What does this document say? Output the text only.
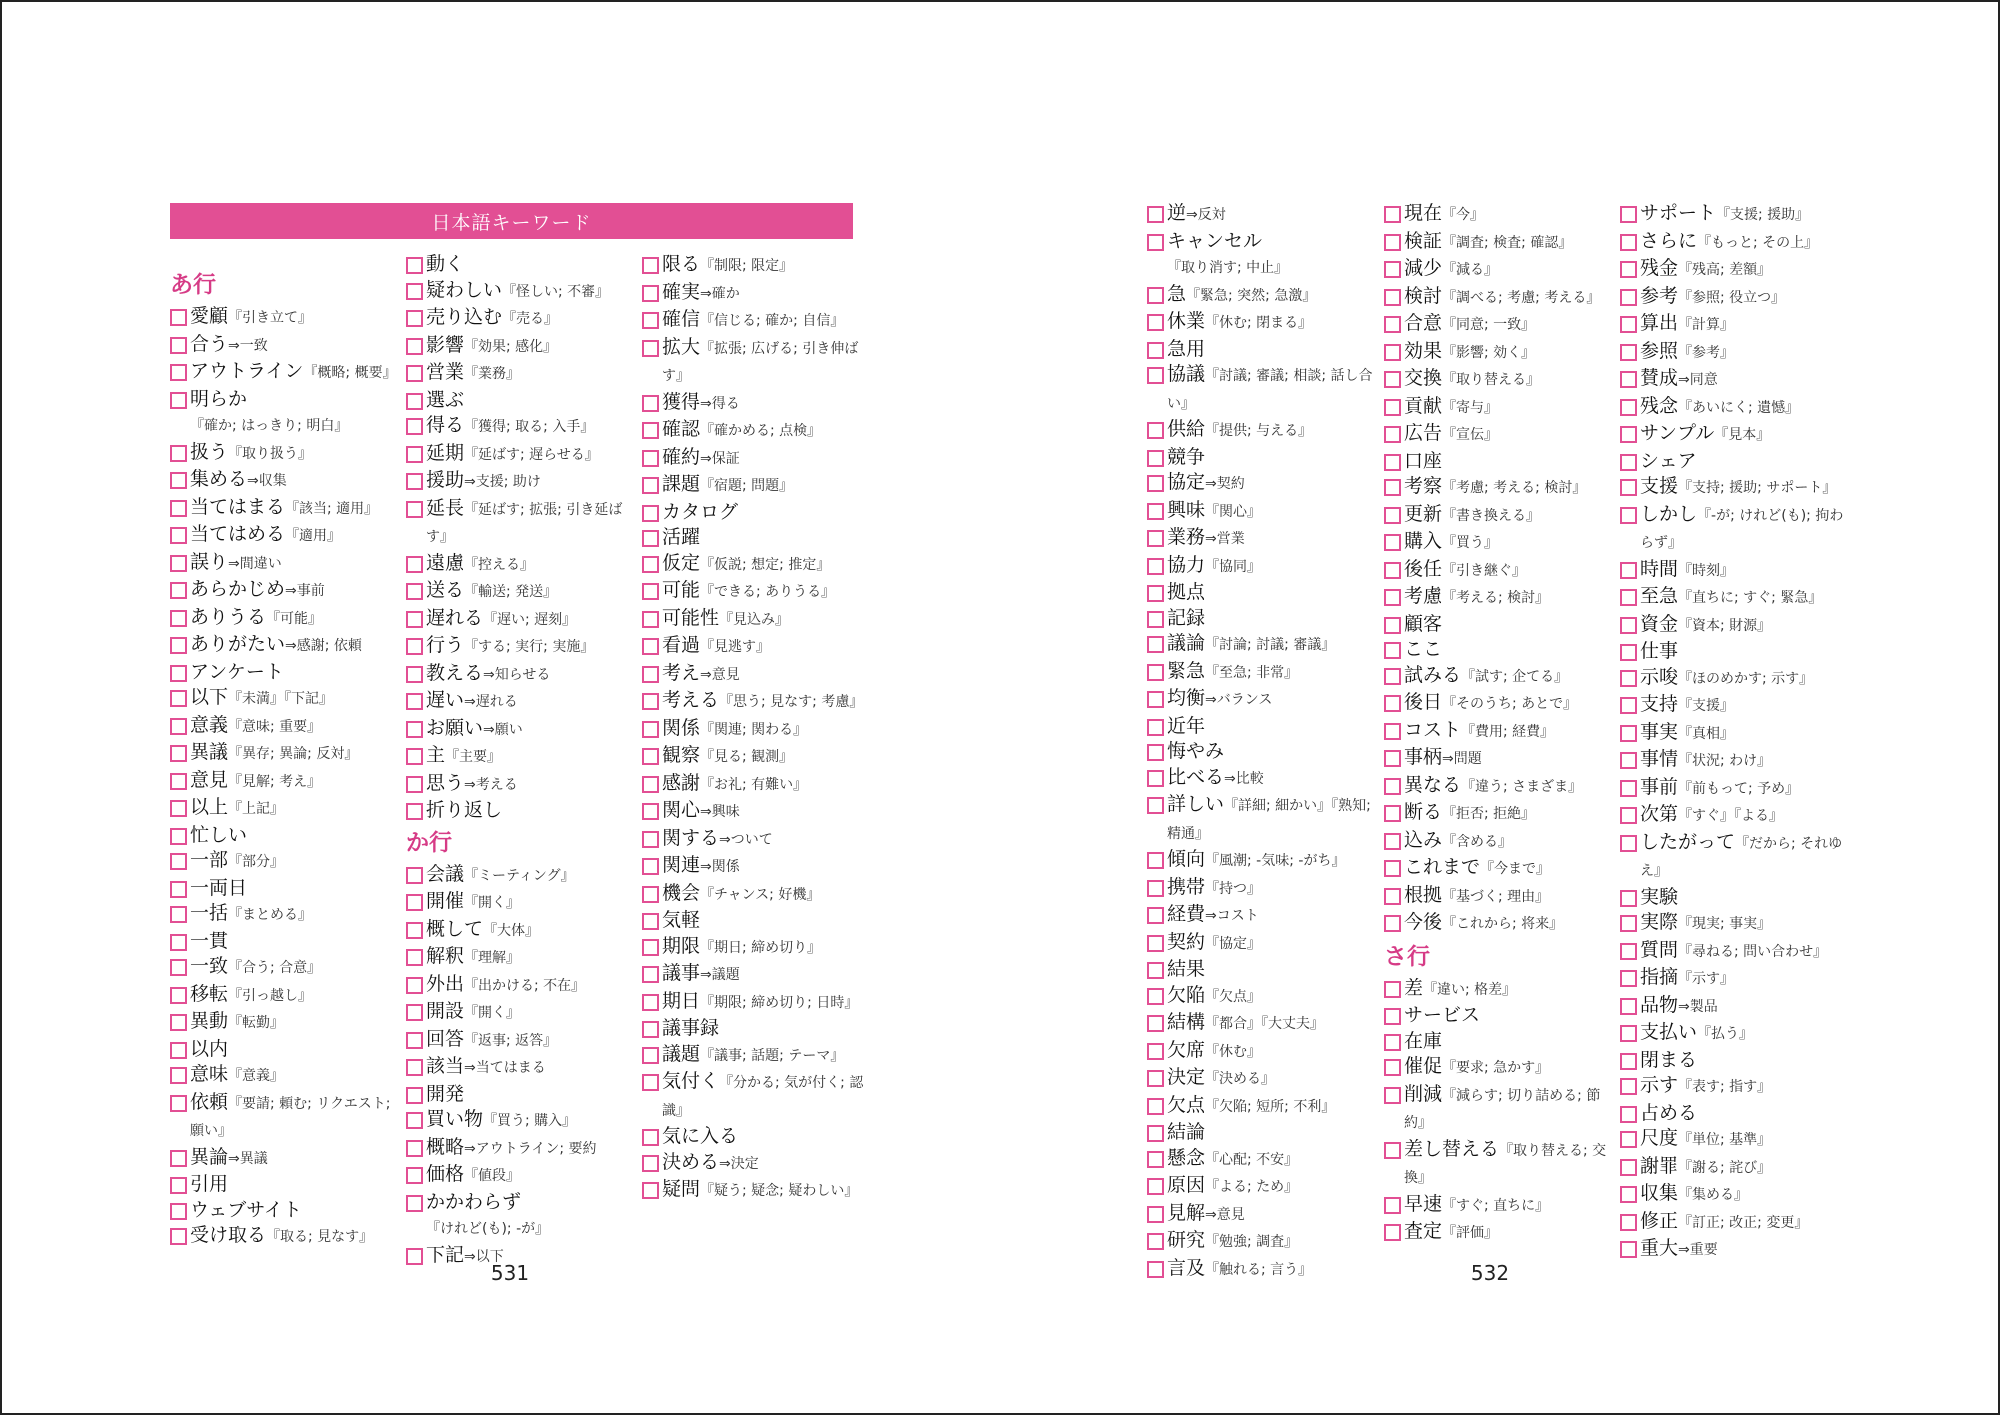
日本語キーワード
あ行
愛顧『引き立て』
合う⇒一致
アウトライン『概略; 概要』
明らか『確か; はっきり; 明白』
扱う『取り扱う』
集める⇒収集
当てはまる『該当; 適用』
当てはめる『適用』
誤り⇒間違い
あらかじめ⇒事前
ありうる『可能』
ありがたい⇒感謝; 依頼
アンケート
以下『未満』『下記』
意義『意味; 重要』
異議『異存; 異論; 反対』
意見『見解; 考え』
以上『上記』
忙しい
一部『部分』
一両日
一括『まとめる』
一貫
一致『合う; 合意』
移転『引っ越し』
異動『転勤』
以内
意味『意義』
依頼『要請; 頼む; リクエスト; 願い』
異論⇒異議
引用
ウェブサイト
受け取る『取る; 見なす』
動く
疑わしい『怪しい; 不審』
売り込む『売る』
影響『効果; 感化』
営業『業務』
選ぶ
得る『獲得; 取る; 入手』
延期『延ばす; 遅らせる』
援助⇒支援; 助け
延長『延ばす; 拡張; 引き延ばす』
遠慮『控える』
送る『輸送; 発送』
遅れる『遅い; 遅刻』
行う『する; 実行; 実施』
教える⇒知らせる
遅い⇒遅れる
お願い⇒願い
主『主要』
思う⇒考える
折り返し
か行
会議『ミーティング』
開催『開く』
概して『大体』
解釈『理解』
外出『出かける; 不在』
開設『開く』
回答『返事; 返答』
該当⇒当てはまる
開発
買い物『買う; 購入』
概略⇒アウトライン; 要約
価格『値段』
かかわらず『けれど(も); -が』
下記⇒以下
限る『制限; 限定』
確実⇒確か
確信『信じる; 確か; 自信』
拡大『拡張; 広げる; 引き伸ばす』
獲得⇒得る
確認『確かめる; 点検』
確約⇒保証
課題『宿題; 問題』
カタログ
活躍
仮定『仮説; 想定; 推定』
可能『できる; ありうる』
可能性『見込み』
看過『見逃す』
考え⇒意見
考える『思う; 見なす; 考慮』
関係『関連; 関わる』
観察『見る; 観測』
感謝『お礼; 有難い』
関心⇒興味
関する⇒ついて
関連⇒関係
機会『チャンス; 好機』
気軽
期限『期日; 締め切り』
議事⇒議題
期日『期限; 締め切り; 日時』
議事録
議題『議事; 話題; テーマ』
気付く『分かる; 気が付く; 認識』
気に入る
決める⇒決定
疑問『疑う; 疑念; 疑わしい』
逆⇒反対
キャンセル『取り消す; 中止』
急『緊急; 突然; 急激』
休業『休む; 閉まる』
急用
協議『討議; 審議; 相談; 話し合い』
供給『提供; 与える』
競争
協定⇒契約
興味『関心』
業務⇒営業
協力『協同』
拠点
記録
議論『討論; 討議; 審議』
緊急『至急; 非常』
均衡⇒バランス
近年
悔やみ
比べる⇒比較
詳しい『詳細; 細かい』『熟知; 精通』
傾向『風潮; -気味; -がち』
携帯『持つ』
経費⇒コスト
契約『協定』
結果
欠陥『欠点』
結構『都合』『大丈夫』
欠席『休む』
決定『決める』
欠点『欠陥; 短所; 不利』
結論
懸念『心配; 不安』
原因『よる; ため』
見解⇒意見
研究『勉強; 調査』
言及『触れる; 言う』
現在『今』
検証『調査; 検査; 確認』
減少『減る』
検討『調べる; 考慮; 考える』
合意『同意; 一致』
効果『影響; 効く』
交換『取り替える』
貢献『寄与』
広告『宣伝』
口座
考察『考慮; 考える; 検討』
更新『書き換える』
購入『買う』
後任『引き継ぐ』
考慮『考える; 検討』
顧客
ここ
試みる『試す; 企てる』
後日『そのうち; あとで』
コスト『費用; 経費』
事柄⇒問題
異なる『違う; さまざま』
断る『拒否; 拒絶』
込み『含める』
これまで『今まで』
根拠『基づく; 理由』
今後『これから; 将来』
さ行
差『違い; 格差』
サービス
在庫
催促『要求; 急かす』
削減『減らす; 切り詰める; 節約』
差し替える『取り替える; 交換』
早速『すぐ; 直ちに』
査定『評価』
サポート『支援; 援助』
さらに『もっと; その上』
残金『残高; 差額』
参考『参照; 役立つ』
算出『計算』
参照『参考』
賛成⇒同意
残念『あいにく; 遺憾』
サンプル『見本』
シェア
支援『支持; 援助; サポート』
しかし『-が; けれど(も); 拘わらず』
時間『時刻』
至急『直ちに; すぐ; 緊急』
資金『資本; 財源』
仕事
示唆『ほのめかす; 示す』
支持『支援』
事実『真相』
事情『状況; わけ』
事前『前もって; 予め』
次第『すぐ』『よる』
したがって『だから; それゆえ』
実験
実際『現実; 事実』
質問『尋ねる; 問い合わせ』
指摘『示す』
品物⇒製品
支払い『払う』
閉まる
示す『表す; 指す』
占める
尺度『単位; 基準』
謝罪『謝る; 詫び』
収集『集める』
修正『訂正; 改正; 変更』
重大⇒重要
531	532
